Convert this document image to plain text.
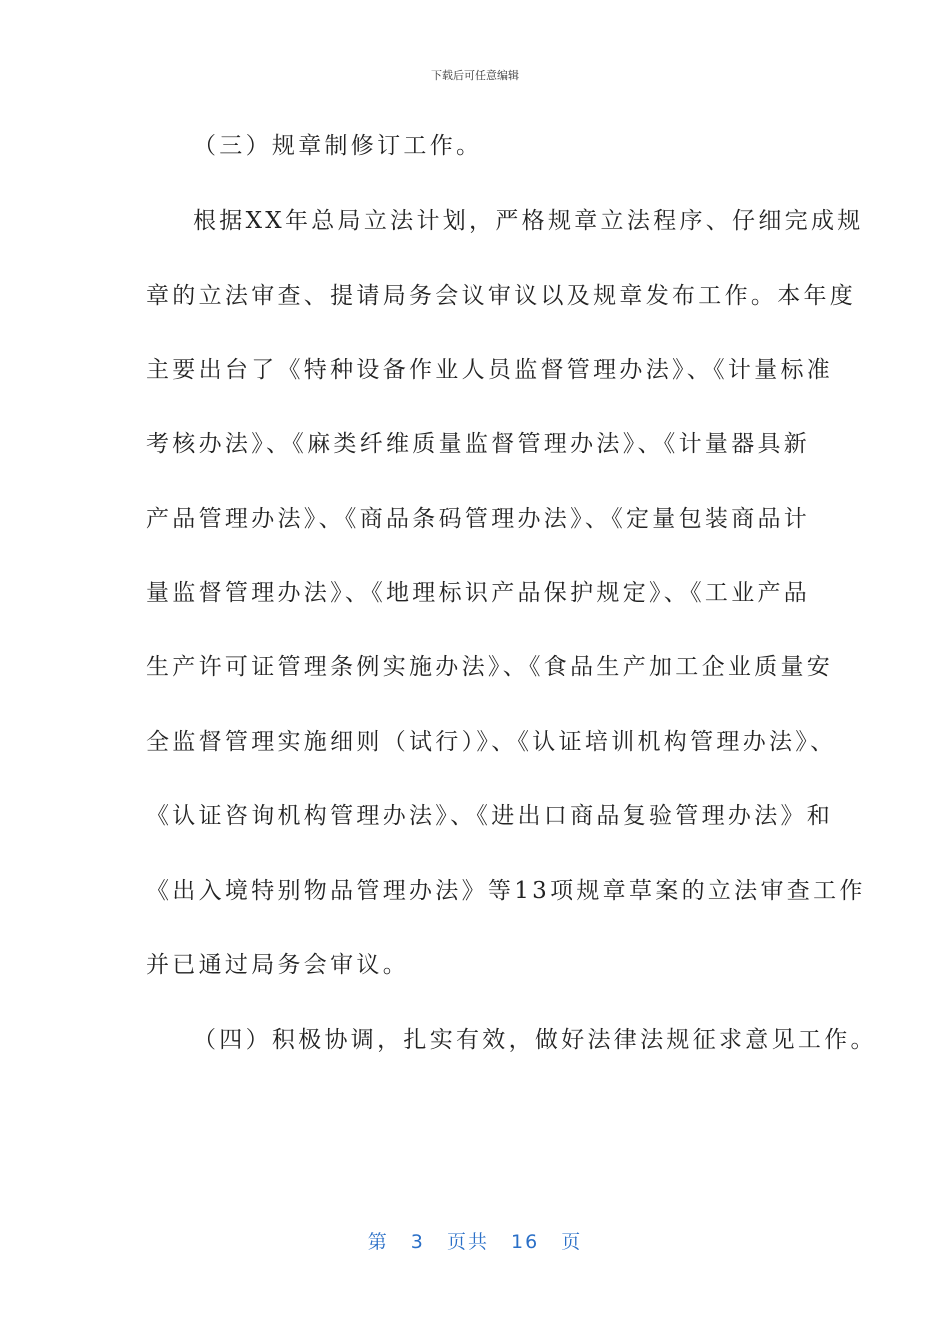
下载后可任意编辑
（三）规章制修订工作。
根据XX年总局立法计划，严格规章立法程序、仔细完成规
章的立法审查、提请局务会议审议以及规章发布工作。本年度
主要出台了《特种设备作业人员监督管理办法》、《计量标准
考核办法》、《麻类纤维质量监督管理办法》、《计量器具新
产品管理办法》、《商品条码管理办法》、《定量包装商品计
量监督管理办法》、《地理标识产品保护规定》、《工业产品
生产许可证管理条例实施办法》、《食品生产加工企业质量安
全监督管理实施细则（试行）》、《认证培训机构管理办法》、
《认证咨询机构管理办法》、《进出口商品复验管理办法》和
《出入境特别物品管理办法》等13项规章草案的立法审查工作
并已通过局务会审议。
（四）积极协调，扎实有效，做好法律法规征求意见工作。
第 3 页共 16 页
